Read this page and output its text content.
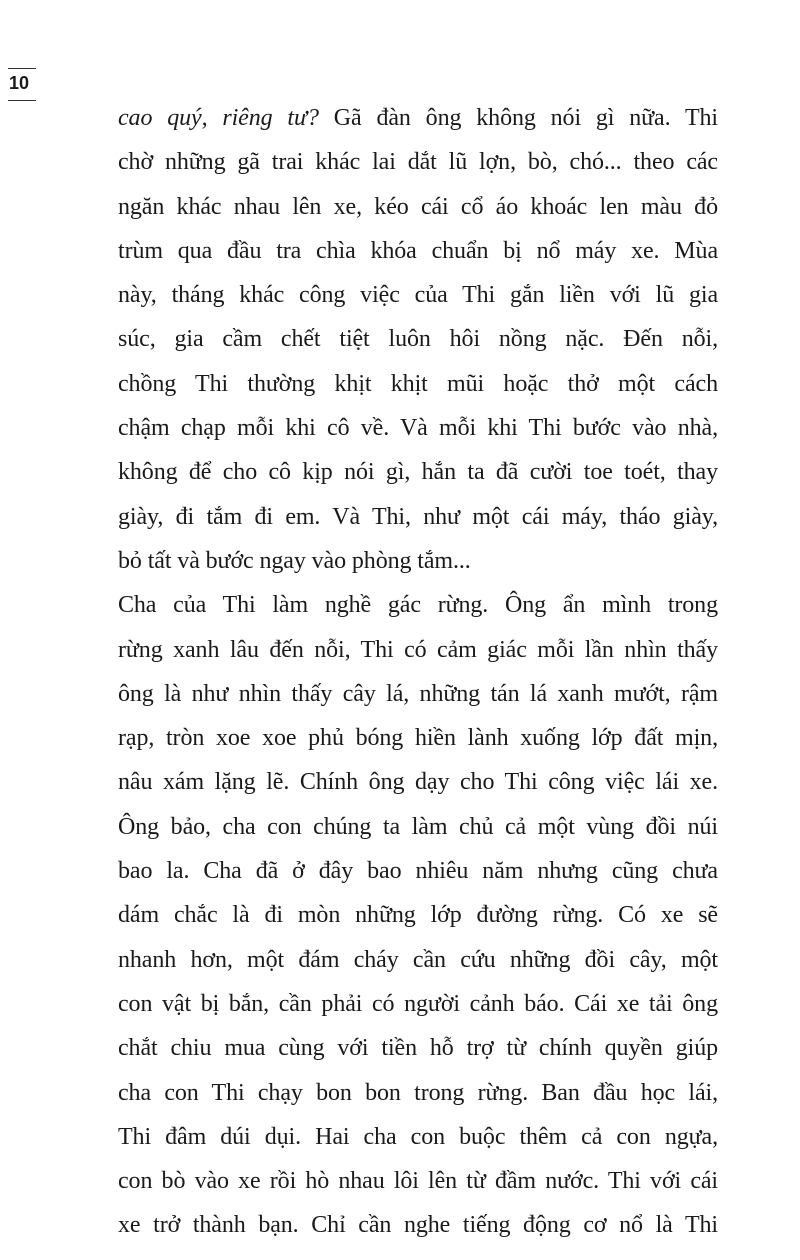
10
cao quý, riêng tư? Gã đàn ông không nói gì nữa. Thi
chờ những gã trai khác lai dắt lũ lợn, bò, chó... theo các
ngăn khác nhau lên xe, kéo cái cổ áo khoác len màu đỏ
trùm qua đầu tra chìa khóa chuẩn bị nổ máy xe. Mùa
này, tháng khác công việc của Thi gắn liền với lũ gia
súc, gia cầm chết tiệt luôn hôi nồng nặc. Đến nỗi,
chồng Thi thường khịt khịt mũi hoặc thở một cách
chậm chạp mỗi khi cô về. Và mỗi khi Thi bước vào nhà,
không để cho cô kịp nói gì, hắn ta đã cười toe toét, thay
giày, đi tắm đi em. Và Thi, như một cái máy, tháo giày,
bỏ tất và bước ngay vào phòng tắm...
Cha của Thi làm nghề gác rừng. Ông ẩn mình trong
rừng xanh lâu đến nỗi, Thi có cảm giác mỗi lần nhìn thấy
ông là như nhìn thấy cây lá, những tán lá xanh mướt, rậm
rạp, tròn xoe xoe phủ bóng hiền lành xuống lớp đất mịn,
nâu xám lặng lẽ. Chính ông dạy cho Thi công việc lái xe.
Ông bảo, cha con chúng ta làm chủ cả một vùng đồi núi
bao la. Cha đã ở đây bao nhiêu năm nhưng cũng chưa
dám chắc là đi mòn những lớp đường rừng. Có xe sẽ
nhanh hơn, một đám cháy cần cứu những đồi cây, một
con vật bị bắn, cần phải có người cảnh báo. Cái xe tải ông
chắt chiu mua cùng với tiền hỗ trợ từ chính quyền giúp
cha con Thi chạy bon bon trong rừng. Ban đầu học lái,
Thi đâm dúi dụi. Hai cha con buộc thêm cả con ngựa,
con bò vào xe rồi hò nhau lôi lên từ đầm nước. Thi với cái
xe trở thành bạn. Chỉ cần nghe tiếng động cơ nổ là Thi
